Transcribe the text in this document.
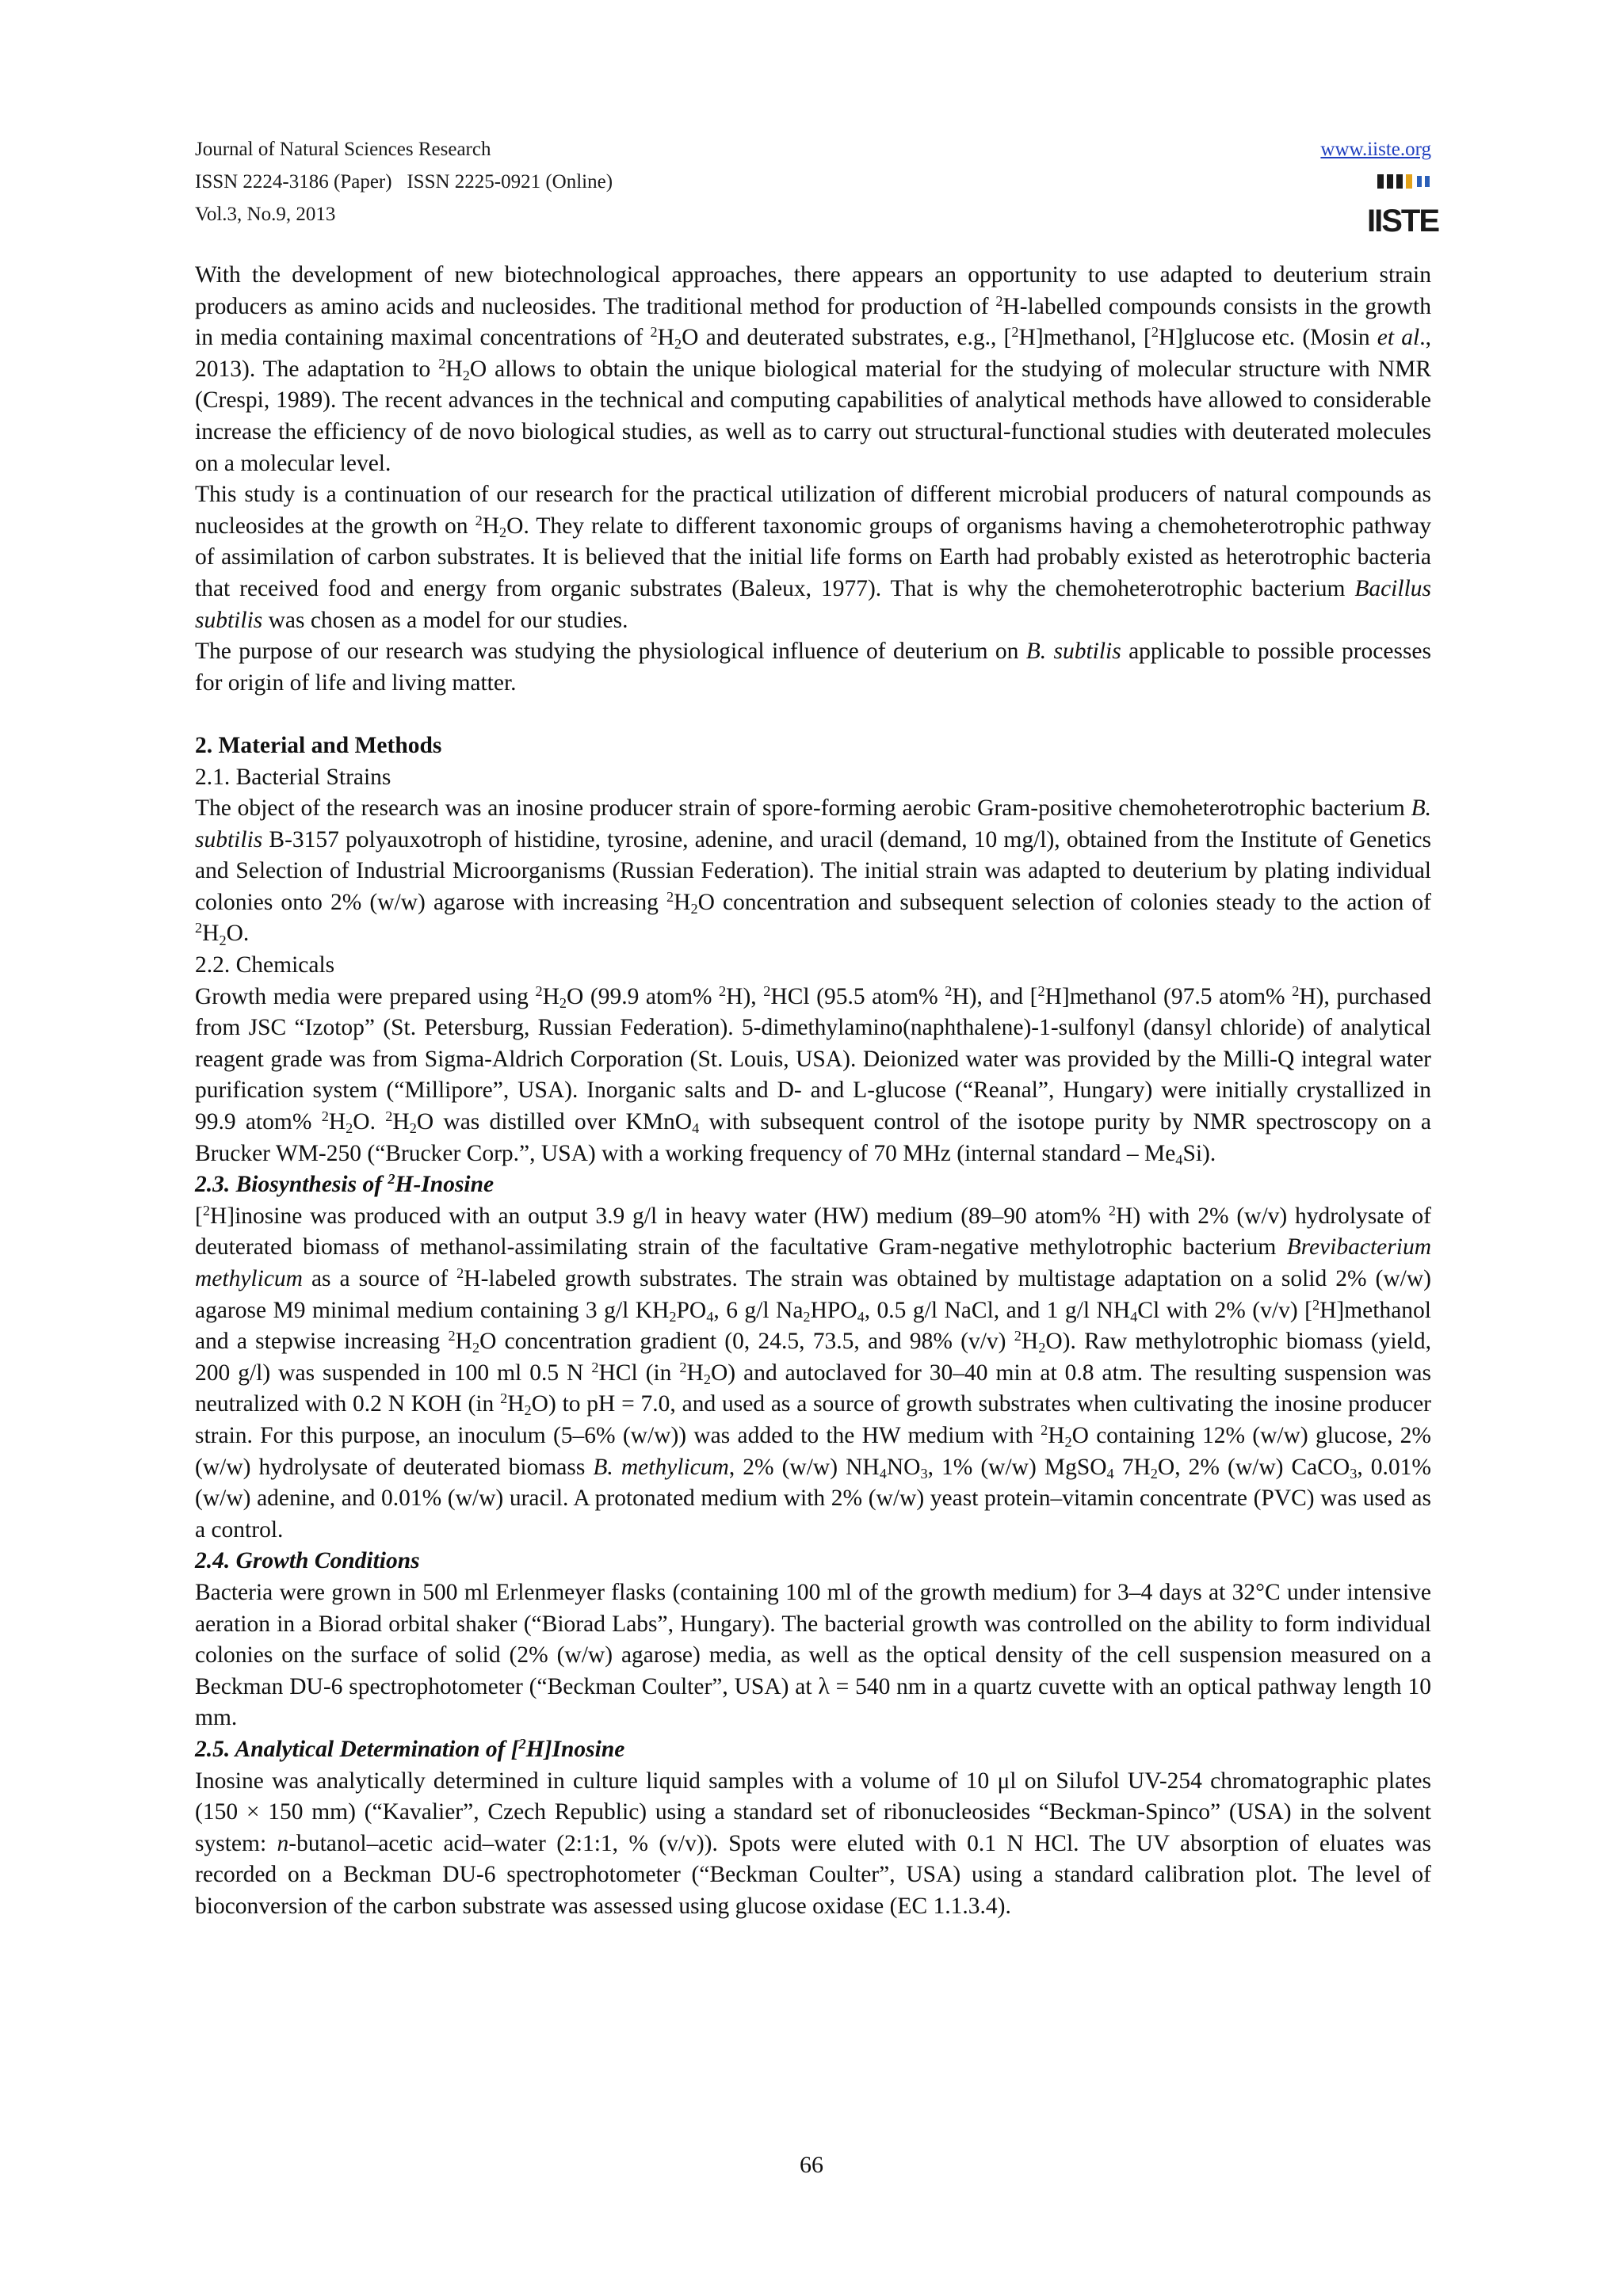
Journal of Natural Sciences Research
ISSN 2224-3186 (Paper)   ISSN 2225-0921 (Online)
Vol.3, No.9, 2013
www.iiste.org
IISTE

With the development of new biotechnological approaches, there appears an opportunity to use adapted to deuterium strain producers as amino acids and nucleosides. The traditional method for production of $^2$H-labelled compounds consists in the growth in media containing maximal concentrations of $^2H_2O$ and deuterated substrates, e.g., [$^2$H]methanol, [$^2$H]glucose etc. (Mosin et al., 2013). The adaptation to $^2H_2O$ allows to obtain the unique biological material for the studying of molecular structure with NMR (Crespi, 1989). The recent advances in the technical and computing capabilities of analytical methods have allowed to considerable increase the efficiency of de novo biological studies, as well as to carry out structural-functional studies with deuterated molecules on a molecular level.

This study is a continuation of our research for the practical utilization of different microbial producers of natural compounds as nucleosides at the growth on $^2H_2O$. They relate to different taxonomic groups of organisms having a chemoheterotrophic pathway of assimilation of carbon substrates. It is believed that the initial life forms on Earth had probably existed as heterotrophic bacteria that received food and energy from organic substrates (Baleux, 1977). That is why the chemoheterotrophic bacterium Bacillus subtilis was chosen as a model for our studies.

The purpose of our research was studying the physiological influence of deuterium on B. subtilis applicable to possible processes for origin of life and living matter.

2. Material and Methods

2.1. Bacterial Strains

The object of the research was an inosine producer strain of spore-forming aerobic Gram-positive chemoheterotrophic bacterium B. subtilis B-3157 polyauxotroph of histidine, tyrosine, adenine, and uracil (demand, 10 mg/l), obtained from the Institute of Genetics and Selection of Industrial Microorganisms (Russian Federation). The initial strain was adapted to deuterium by plating individual colonies onto 2% (w/w) agarose with increasing $^2H_2O$ concentration and subsequent selection of colonies steady to the action of $^2H_2O$.

2.2. Chemicals

Growth media were prepared using $^2H_2O$ (99.9 atom% $^2$H), $^2$HCl (95.5 atom% $^2$H), and [$^2$H]methanol (97.5 atom% $^2$H), purchased from JSC “Izotop” (St. Petersburg, Russian Federation). 5-dimethylamino(naphthalene)-1-sulfonyl (dansyl chloride) of analytical reagent grade was from Sigma-Aldrich Corporation (St. Louis, USA). Deionized water was provided by the Milli-Q integral water purification system (“Millipore”, USA). Inorganic salts and D- and L-glucose (“Reanal”, Hungary) were initially crystallized in 99.9 atom% $^2H_2O$. $^2H_2O$ was distilled over KMnO$_4$ with subsequent control of the isotope purity by NMR spectroscopy on a Brucker WM-250 (“Brucker Corp.”, USA) with a working frequency of 70 MHz (internal standard – $Me_4Si$).

2.3. Biosynthesis of $^2$H-Inosine

[$^2$H]inosine was produced with an output 3.9 g/l in heavy water (HW) medium (89–90 atom% $^2$H) with 2% (w/v) hydrolysate of deuterated biomass of methanol-assimilating strain of the facultative Gram-negative methylotrophic bacterium Brevibacterium methylicum as a source of $^2$H-labeled growth substrates. The strain was obtained by multistage adaptation on a solid 2% (w/w) agarose M9 minimal medium containing 3 g/l $KH_2PO_4$, 6 g/l $Na_2HPO_4$, 0.5 g/l NaCl, and 1 g/l $NH_4Cl$ with 2% (v/v) [$^2$H]methanol and a stepwise increasing $^2H_2O$ concentration gradient (0, 24.5, 73.5, and 98% (v/v) $^2H_2O$). Raw methylotrophic biomass (yield, 200 g/l) was suspended in 100 ml 0.5 N $^2$HCl (in $^2H_2O$) and autoclaved for 30–40 min at 0.8 atm. The resulting suspension was neutralized with 0.2 N KOH (in $^2H_2O$) to pH = 7.0, and used as a source of growth substrates when cultivating the inosine producer strain. For this purpose, an inoculum (5–6% (w/w)) was added to the HW medium with $^2H_2O$ containing 12% (w/w) glucose, 2% (w/w) hydrolysate of deuterated biomass B. methylicum, 2% (w/w) $NH_4NO_3$, 1% (w/w) MgSO$_4$ $7H_2O$, 2% (w/w) CaCO$_3$, 0.01% (w/w) adenine, and 0.01% (w/w) uracil. A protonated medium with 2% (w/w) yeast protein–vitamin concentrate (PVC) was used as a control.

2.4. Growth Conditions

Bacteria were grown in 500 ml Erlenmeyer flasks (containing 100 ml of the growth medium) for 3–4 days at 32°C under intensive aeration in a Biorad orbital shaker (“Biorad Labs”, Hungary). The bacterial growth was controlled on the ability to form individual colonies on the surface of solid (2% (w/w) agarose) media, as well as the optical density of the cell suspension measured on a Beckman DU-6 spectrophotometer (“Beckman Coulter”, USA) at λ = 540 nm in a quartz cuvette with an optical pathway length 10 mm.

2.5. Analytical Determination of [$^2$H]Inosine

Inosine was analytically determined in culture liquid samples with a volume of 10 μl on Silufol UV-254 chromatographic plates (150 × 150 mm) (“Kavalier”, Czech Republic) using a standard set of ribonucleosides “Beckman-Spinco” (USA) in the solvent system: n-butanol–acetic acid–water (2:1:1, % (v/v)). Spots were eluted with 0.1 N HCl. The UV absorption of eluates was recorded on a Beckman DU-6 spectrophotometer (“Beckman Coulter”, USA) using a standard calibration plot. The level of bioconversion of the carbon substrate was assessed using glucose oxidase (EC 1.1.3.4).

66
